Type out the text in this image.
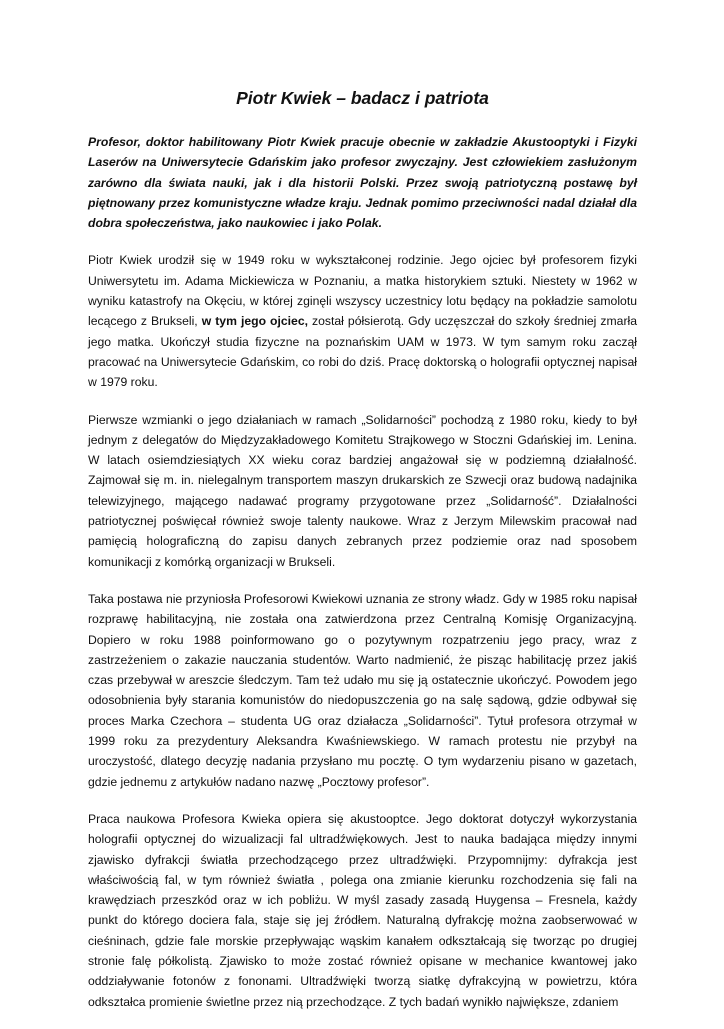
Piotr Kwiek – badacz i patriota

Profesor, doktor habilitowany Piotr Kwiek pracuje obecnie w zakładzie Akustooptyki i Fizyki Laserów na Uniwersytecie Gdańskim jako profesor zwyczajny. Jest człowiekiem zasłużonym zarówno dla świata nauki, jak i dla historii Polski. Przez swoją patriotyczną postawę był piętnowany przez komunistyczne władze kraju. Jednak pomimo przeciwności nadal działał dla dobra społeczeństwa, jako naukowiec i jako Polak.

Piotr Kwiek urodził się w 1949 roku w wykształconej rodzinie. Jego ojciec był profesorem fizyki Uniwersytetu im. Adama Mickiewicza w Poznaniu, a matka historykiem sztuki. Niestety w 1962 w wyniku katastrofy na Okęciu, w której zginęli wszyscy uczestnicy lotu będący na pokładzie samolotu lecącego z Brukseli, w tym jego ojciec, został półsierotą. Gdy uczęszczał do szkoły średniej zmarła jego matka. Ukończył studia fizyczne na poznańskim UAM w 1973. W tym samym roku zaczął pracować na Uniwersytecie Gdańskim, co robi do dziś. Pracę doktorską o holografii optycznej napisał w 1979 roku.

Pierwsze wzmianki o jego działaniach w ramach „Solidarności” pochodzą z 1980 roku, kiedy to był jednym z delegatów do Międzyzakładowego Komitetu Strajkowego w Stoczni Gdańskiej im. Lenina. W latach osiemdziesiątych XX wieku coraz bardziej angażował się w podziemną działalność. Zajmował się m. in. nielegalnym transportem maszyn drukarskich ze Szwecji oraz budową nadajnika telewizyjnego, mającego nadawać programy przygotowane przez „Solidarność”. Działalności patriotycznej poświęcał również swoje talenty naukowe. Wraz z Jerzym Milewskim pracował nad pamięcią holograficzną do zapisu danych zebranych przez podziemie oraz nad sposobem komunikacji z komórką organizacji w Brukseli.

Taka postawa nie przyniosła Profesorowi Kwiekowi uznania ze strony władz. Gdy w 1985 roku napisał rozprawę habilitacyjną, nie została ona zatwierdzona przez Centralną Komisję Organizacyjną. Dopiero w roku 1988 poinformowano go o pozytywnym rozpatrzeniu jego pracy, wraz z zastrzeżeniem o zakazie nauczania studentów. Warto nadmienić, że pisząc habilitację przez jakiś czas przebywał w areszcie śledczym. Tam też udało mu się ją ostatecznie ukończyć. Powodem jego odosobnienia były starania komunistów do niedopuszczenia go na salę sądową, gdzie odbywał się proces Marka Czechora – studenta UG oraz działacza „Solidarności”. Tytuł profesora otrzymał w 1999 roku za prezydentury Aleksandra Kwaśniewskiego. W ramach protestu nie przybył na uroczystość, dlatego decyzję nadania przysłano mu pocztę. O tym wydarzeniu pisano w gazetach, gdzie jednemu z artykułów nadano nazwę „Pocztowy profesor”.

Praca naukowa Profesora Kwieka opiera się akustooptce. Jego doktorat dotyczył wykorzystania holografii optycznej do wizualizacji fal ultradźwiękowych. Jest to nauka badająca między innymi zjawisko dyfrakcji światła przechodzącego przez ultradźwięki. Przypomnijmy: dyfrakcja jest właściwością fal, w tym również światła , polega ona zmianie kierunku rozchodzenia się fali na krawędziach przeszkód oraz w ich pobliżu. W myśl zasady zasadą Huygensa – Fresnela, każdy punkt do którego dociera fala, staje się jej źródłem. Naturalną dyfrakcję można zaobserwować w cieśninach, gdzie fale morskie przepływając wąskim kanałem odkształcają się tworząc po drugiej stronie falę półkolistą. Zjawisko to może zostać również opisane w mechanice kwantowej jako oddziaływanie fotonów z fononami. Ultradźwięki tworzą siatkę dyfrakcyjną w powietrzu, która odkształca promienie świetlne przez nią przechodzące. Z tych badań wynikło największe, zdaniem
